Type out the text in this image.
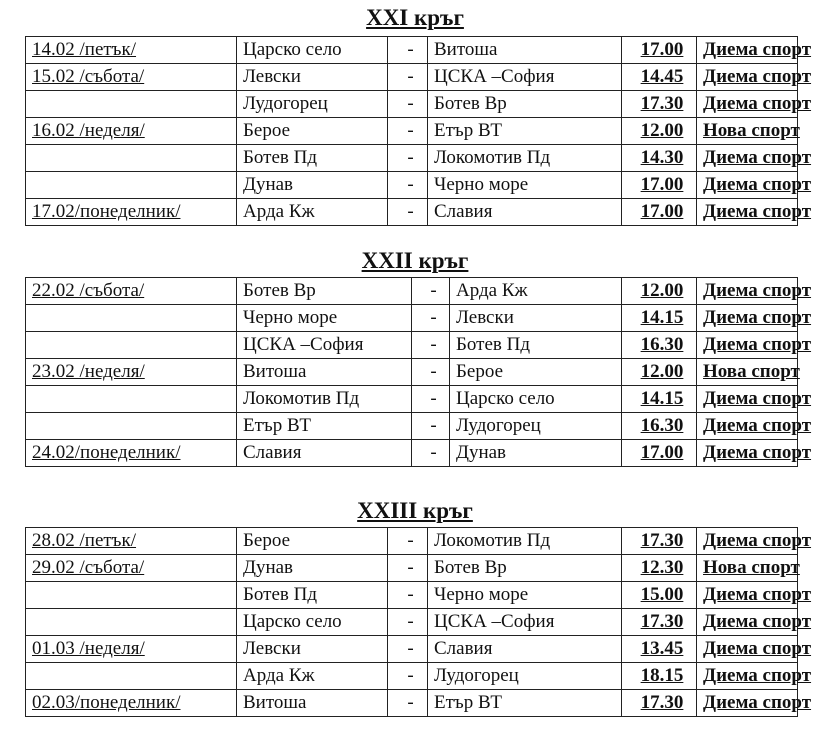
XXI кръг
14.02 /петък/	Царско село	-	Витоша	17.00	Диема спорт
15.02 /събота/	Левски	-	ЦСКА –София	14.45	Диема спорт
	Лудогорец	-	Ботев Вр	17.30	Диема спорт
16.02 /неделя/	Берое	-	Етър ВТ	12.00	Нова спорт
	Ботев Пд	-	Локомотив Пд	14.30	Диема спорт
	Дунав	-	Черно море	17.00	Диема спорт
17.02/понеделник/	Арда Кж	-	Славия	17.00	Диема спорт
XXII кръг
22.02 /събота/	Ботев Вр	-	Арда Кж	12.00	Диема спорт
	Черно море	-	Левски	14.15	Диема спорт
	ЦСКА –София	-	Ботев Пд	16.30	Диема спорт
23.02 /неделя/	Витоша	-	Берое	12.00	Нова спорт
	Локомотив Пд	-	Царско село	14.15	Диема спорт
	Етър ВТ	-	Лудогорец	16.30	Диема спорт
24.02/понеделник/	Славия	-	Дунав	17.00	Диема спорт
XXIII кръг
28.02 /петък/	Берое	-	Локомотив Пд	17.30	Диема спорт
29.02 /събота/	Дунав	-	Ботев Вр	12.30	Нова спорт
	Ботев Пд	-	Черно море	15.00	Диема спорт
	Царско село	-	ЦСКА –София	17.30	Диема спорт
01.03 /неделя/	Левски	-	Славия	13.45	Диема спорт
	Арда Кж	-	Лудогорец	18.15	Диема спорт
02.03/понеделник/	Витоша	-	Етър ВТ	17.30	Диема спорт
